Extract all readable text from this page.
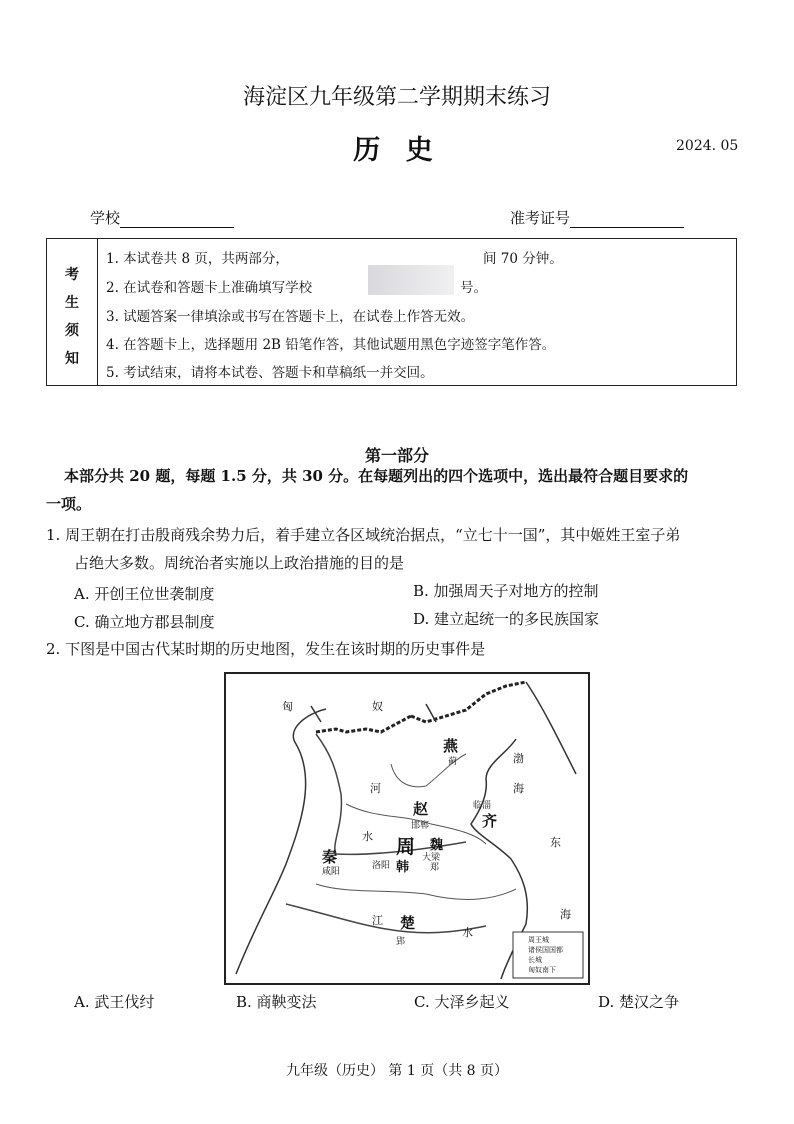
海淀区九年级第二学期期末练习
历 史	2024. 05
学校	准考证号
考
生
须
知
1. 本试卷共 8 页，共两部分，	间 70 分钟。
2. 在试卷和答题卡上准确填写学校	号。
3. 试题答案一律填涂或书写在答题卡上，在试卷上作答无效。
4. 在答题卡上，选择题用 2B 铅笔作答，其他试题用黑色字迹签字笔作答。
5. 考试结束，请将本试卷、答题卡和草稿纸一并交回。
第一部分
本部分共 20 题，每题 1.5 分，共 30 分。在每题列出的四个选项中，选出最符合题目要求的
一项。
1. 周王朝在打击殷商残余势力后，着手建立各区域统治据点，“立七十一国”，其中姬姓王室子弟
占绝大多数。周统治者实施以上政治措施的目的是
A. 开创王位世袭制度	B. 加强周天子对地方的控制
C. 确立地方郡县制度	D. 建立起统一的多民族国家
2. 下图是中国古代某时期的历史地图，发生在该时期的历史事件是
匈	奴
燕
蓟	渤
海
赵
邯郸
临淄
齐
河
水 周 魏
秦
咸阳
洛阳
大梁
韩 郑
东
海
江 楚
郢
水
周王城
诸侯国国都
长城
匈奴南下
A. 武王伐纣	B. 商鞅变法	C. 大泽乡起义	D. 楚汉之争
九年级（历史） 第 1 页（共 8 页）
